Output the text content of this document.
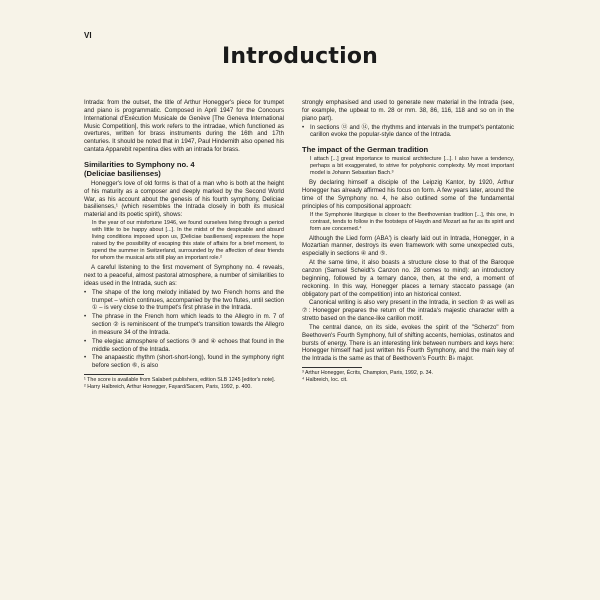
VI
Introduction

Intrada: from the outset, the title of Arthur Honegger's piece for trumpet and piano is programmatic. Composed in April 1947 for the Concours International d'Exécution Musicale de Genève [The Geneva International Music Competition], this work refers to the intradae, which functioned as overtures, written for brass instruments during the 16th and 17th centuries. It should be noted that in 1947, Paul Hindemith also opened his cantata Apparebit repentina dies with an intrada for brass.

Similarities to Symphony no. 4
(Deliciae basilienses)

Honegger's love of old forms is that of a man who is both at the height of his maturity as a composer and deeply marked by the Second World War, as his account about the genesis of his fourth symphony, Deliciae basilienses,¹ (which resembles the Intrada closely in both its musical material and its poetic spirit), shows:

In the year of our misfortune 1946, we found ourselves living through a period with little to be happy about [...]. In the midst of the despicable and absurd living conditions imposed upon us, [Deliciae basilienses] expresses the hope raised by the possibility of escaping this state of affairs for a brief moment, to spend the summer in Switzerland, surrounded by the affection of dear friends for whom the musical arts still play an important role.²

A careful listening to the first movement of Symphony no. 4 reveals, next to a peaceful, almost pastoral atmosphere, a number of similarities to ideas used in the Intrada, such as:

• The shape of the long melody initiated by two French horns and the trumpet – which continues, accompanied by the two flutes, until section ① – is very close to the trumpet's first phrase in the Intrada.
• The phrase in the French horn which leads to the Allegro in m. 7 of section ② is reminiscent of the trumpet's transition towards the Allegro in measure 34 of the Intrada.
• The elegiac atmosphere of sections ③ and ④ echoes that found in the middle section of the Intrada.
• The anapaestic rhythm (short-short-long), found in the symphony right before section ⑥, is also

¹ The score is available from Salabert publishers, edition SLB 1245 [editor's note].

² Harry Halbreich, Arthur Honegger, Fayard/Sacem, Paris, 1992, p. 400.

strongly emphasised and used to generate new material in the Intrada (see, for example, the upbeat to m. 28 or mm. 38, 86, 116, 118 and so on in the piano part).

• In sections ⑫ and ⑭, the rhythms and intervals in the trumpet's pentatonic carillon evoke the popular-style dance of the Intrada.
The impact of the German tradition

I attach [...] great importance to musical architecture [...]. I also have a tendency, perhaps a bit exaggerated, to strive for polyphonic complexity. My most important model is Johann Sebastian Bach.³

By declaring himself a disciple of the Leipzig Kantor, by 1920, Arthur Honegger has already affirmed his focus on form. A few years later, around the time of the Symphony no. 4, he also outlined some of the fundamental principles of his compositional approach:

If the Symphonie liturgique is closer to the Beethovenian tradition [...], this one, in contrast, tends to follow in the footsteps of Haydn and Mozart as far as its spirit and form are concerned.⁴

Although the Lied form (ABA') is clearly laid out in Intrada, Honegger, in a Mozartian manner, destroys its even framework with some unexpected cuts, especially in sections ④ and ⑤.

At the same time, it also boasts a structure close to that of the Baroque canzon (Samuel Scheidt's Canzon no. 28 comes to mind): an introductory beginning, followed by a ternary dance, then, at the end, a moment of reckoning. In this way, Honegger places a ternary staccato passage (an obligatory part of the competition) into an historical context.

Canonical writing is also very present in the Intrada, in section ② as well as ⑦: Honegger prepares the return of the intrada's majestic character with a stretto based on the dance-like carillon motif.

The central dance, on its side, evokes the spirit of the "Scherzo" from Beethoven's Fourth Symphony, full of shifting accents, hemiolas, ostinatos and bursts of energy. There is an interesting link between numbers and keys here: Honegger himself had just written his Fourth Symphony, and the main key of the Intrada is the same as that of Beethoven's Fourth: B♭ major.

³ Arthur Honegger, Écrits, Champion, Paris, 1992, p. 34.

⁴ Halbreich, loc. cit.
